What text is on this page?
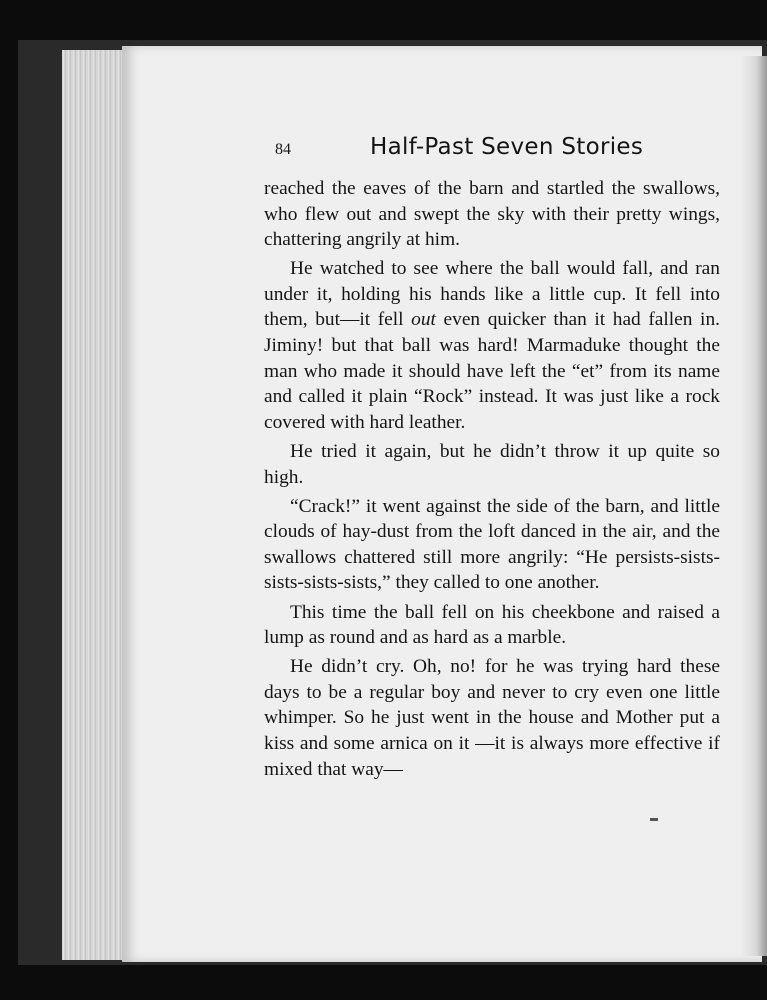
84	Half-Past Seven Stories

reached the eaves of the barn and startled the swallows, who flew out and swept the sky with their pretty wings, chattering angrily at him.

He watched to see where the ball would fall, and ran under it, holding his hands like a little cup. It fell into them, but—it fell out even quicker than it had fallen in. Jiminy! but that ball was hard! Marmaduke thought the man who made it should have left the “et” from its name and called it plain “Rock” instead. It was just like a rock covered with hard leather.

He tried it again, but he didn’t throw it up quite so high.

“Crack!” it went against the side of the barn, and little clouds of hay-dust from the loft danced in the air, and the swallows chattered still more angrily: “He persists-sists-sists-sists-sists,” they called to one another.

This time the ball fell on his cheekbone and raised a lump as round and as hard as a marble.

He didn’t cry. Oh, no! for he was trying hard these days to be a regular boy and never to cry even one little whimper. So he just went in the house and Mother put a kiss and some arnica on it —it is always more effective if mixed that way—
